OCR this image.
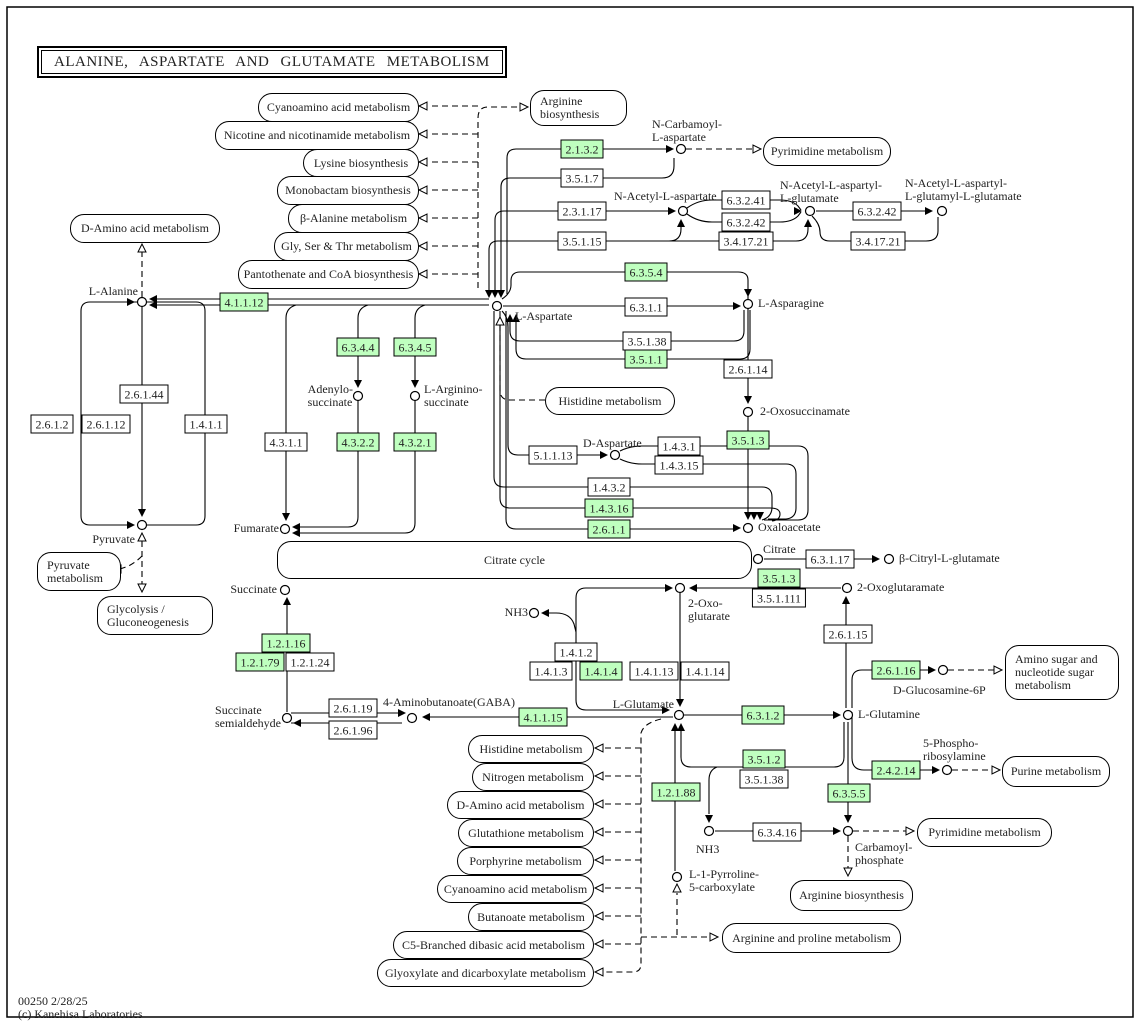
ALANINE, ASPARTATE AND GLUTAMATE METABOLISM
Cyanoamino acid metabolism
Nicotine and nicotinamide metabolism
Lysine biosynthesis
Monobactam biosynthesis
β-Alanine metabolism
Gly, Ser & Thr metabolism
Pantothenate and CoA biosynthesis
D-Amino acid metabolism
Arginine
biosynthesis
Pyrimidine metabolism
Histidine metabolism
Citrate cycle
Pyruvate
metabolism
Glycolysis /
Gluconeogenesis
Amino sugar and
nucleotide sugar
metabolism
Purine metabolism
Pyrimidine metabolism
Arginine biosynthesis
Arginine and proline metabolism
Histidine metabolism
Nitrogen metabolism
D-Amino acid metabolism
Glutathione metabolism
Porphyrine metabolism
Cyanoamino acid metabolism
Butanoate metabolism
C5-Branched dibasic acid metabolism
Glyoxylate and dicarboxylate metabolism
2.1.3.2
3.5.1.7
2.3.1.17
3.5.1.15
6.3.2.41
6.3.2.42
3.4.17.21
6.3.2.42
3.4.17.21
6.3.5.4
6.3.1.1
3.5.1.38
3.5.1.1
4.1.1.12
2.6.1.44
2.6.1.2	2.6.1.12	1.4.1.1
6.3.4.4	6.3.4.5
4.3.1.1	4.3.2.2	4.3.2.1
5.1.1.13
1.4.3.1
1.4.3.15
1.4.3.2
1.4.3.16
2.6.1.1
2.6.1.14
3.5.1.3
6.3.1.17
3.5.1.3
3.5.1.111
2.6.1.15
1.4.1.2
1.4.1.3	1.4.1.4	1.4.1.13	1.4.1.14
1.2.1.16
1.2.1.79 1.2.1.24
2.6.1.19
2.6.1.96
4.1.1.15	6.3.1.2
3.5.1.2
3.5.1.38
1.2.1.88
2.4.2.14
6.3.5.5
6.3.4.16
2.6.1.16
L-Alanine
Pyruvate
Fumarate
Succinate
Succinate
semialdehyde
4-Aminobutanoate(GABA)	L-Glutamate
2-Oxo-
glutarate
NH3
NH3
L-Glutamine
2-Oxoglutaramate
Citrate
β-Citryl-L-glutamate
Oxaloacetate
L-Aspartate
L-Asparagine
N-Carbamoyl-
L-aspartate
N-Acetyl-L-aspartate
N-Acetyl-L-aspartyl-
L-glutamate
N-Acetyl-L-aspartyl-
L-glutamyl-L-glutamate
Adenylo-
succinate
L-Arginino-
succinate
D-Aspartate
2-Oxosuccinamate
D-Glucosamine-6P
5-Phospho-
ribosylamine
Carbamoyl-
phosphate
L-1-Pyrroline-
5-carboxylate
00250 2/28/25
(c) Kanehisa Laboratories
